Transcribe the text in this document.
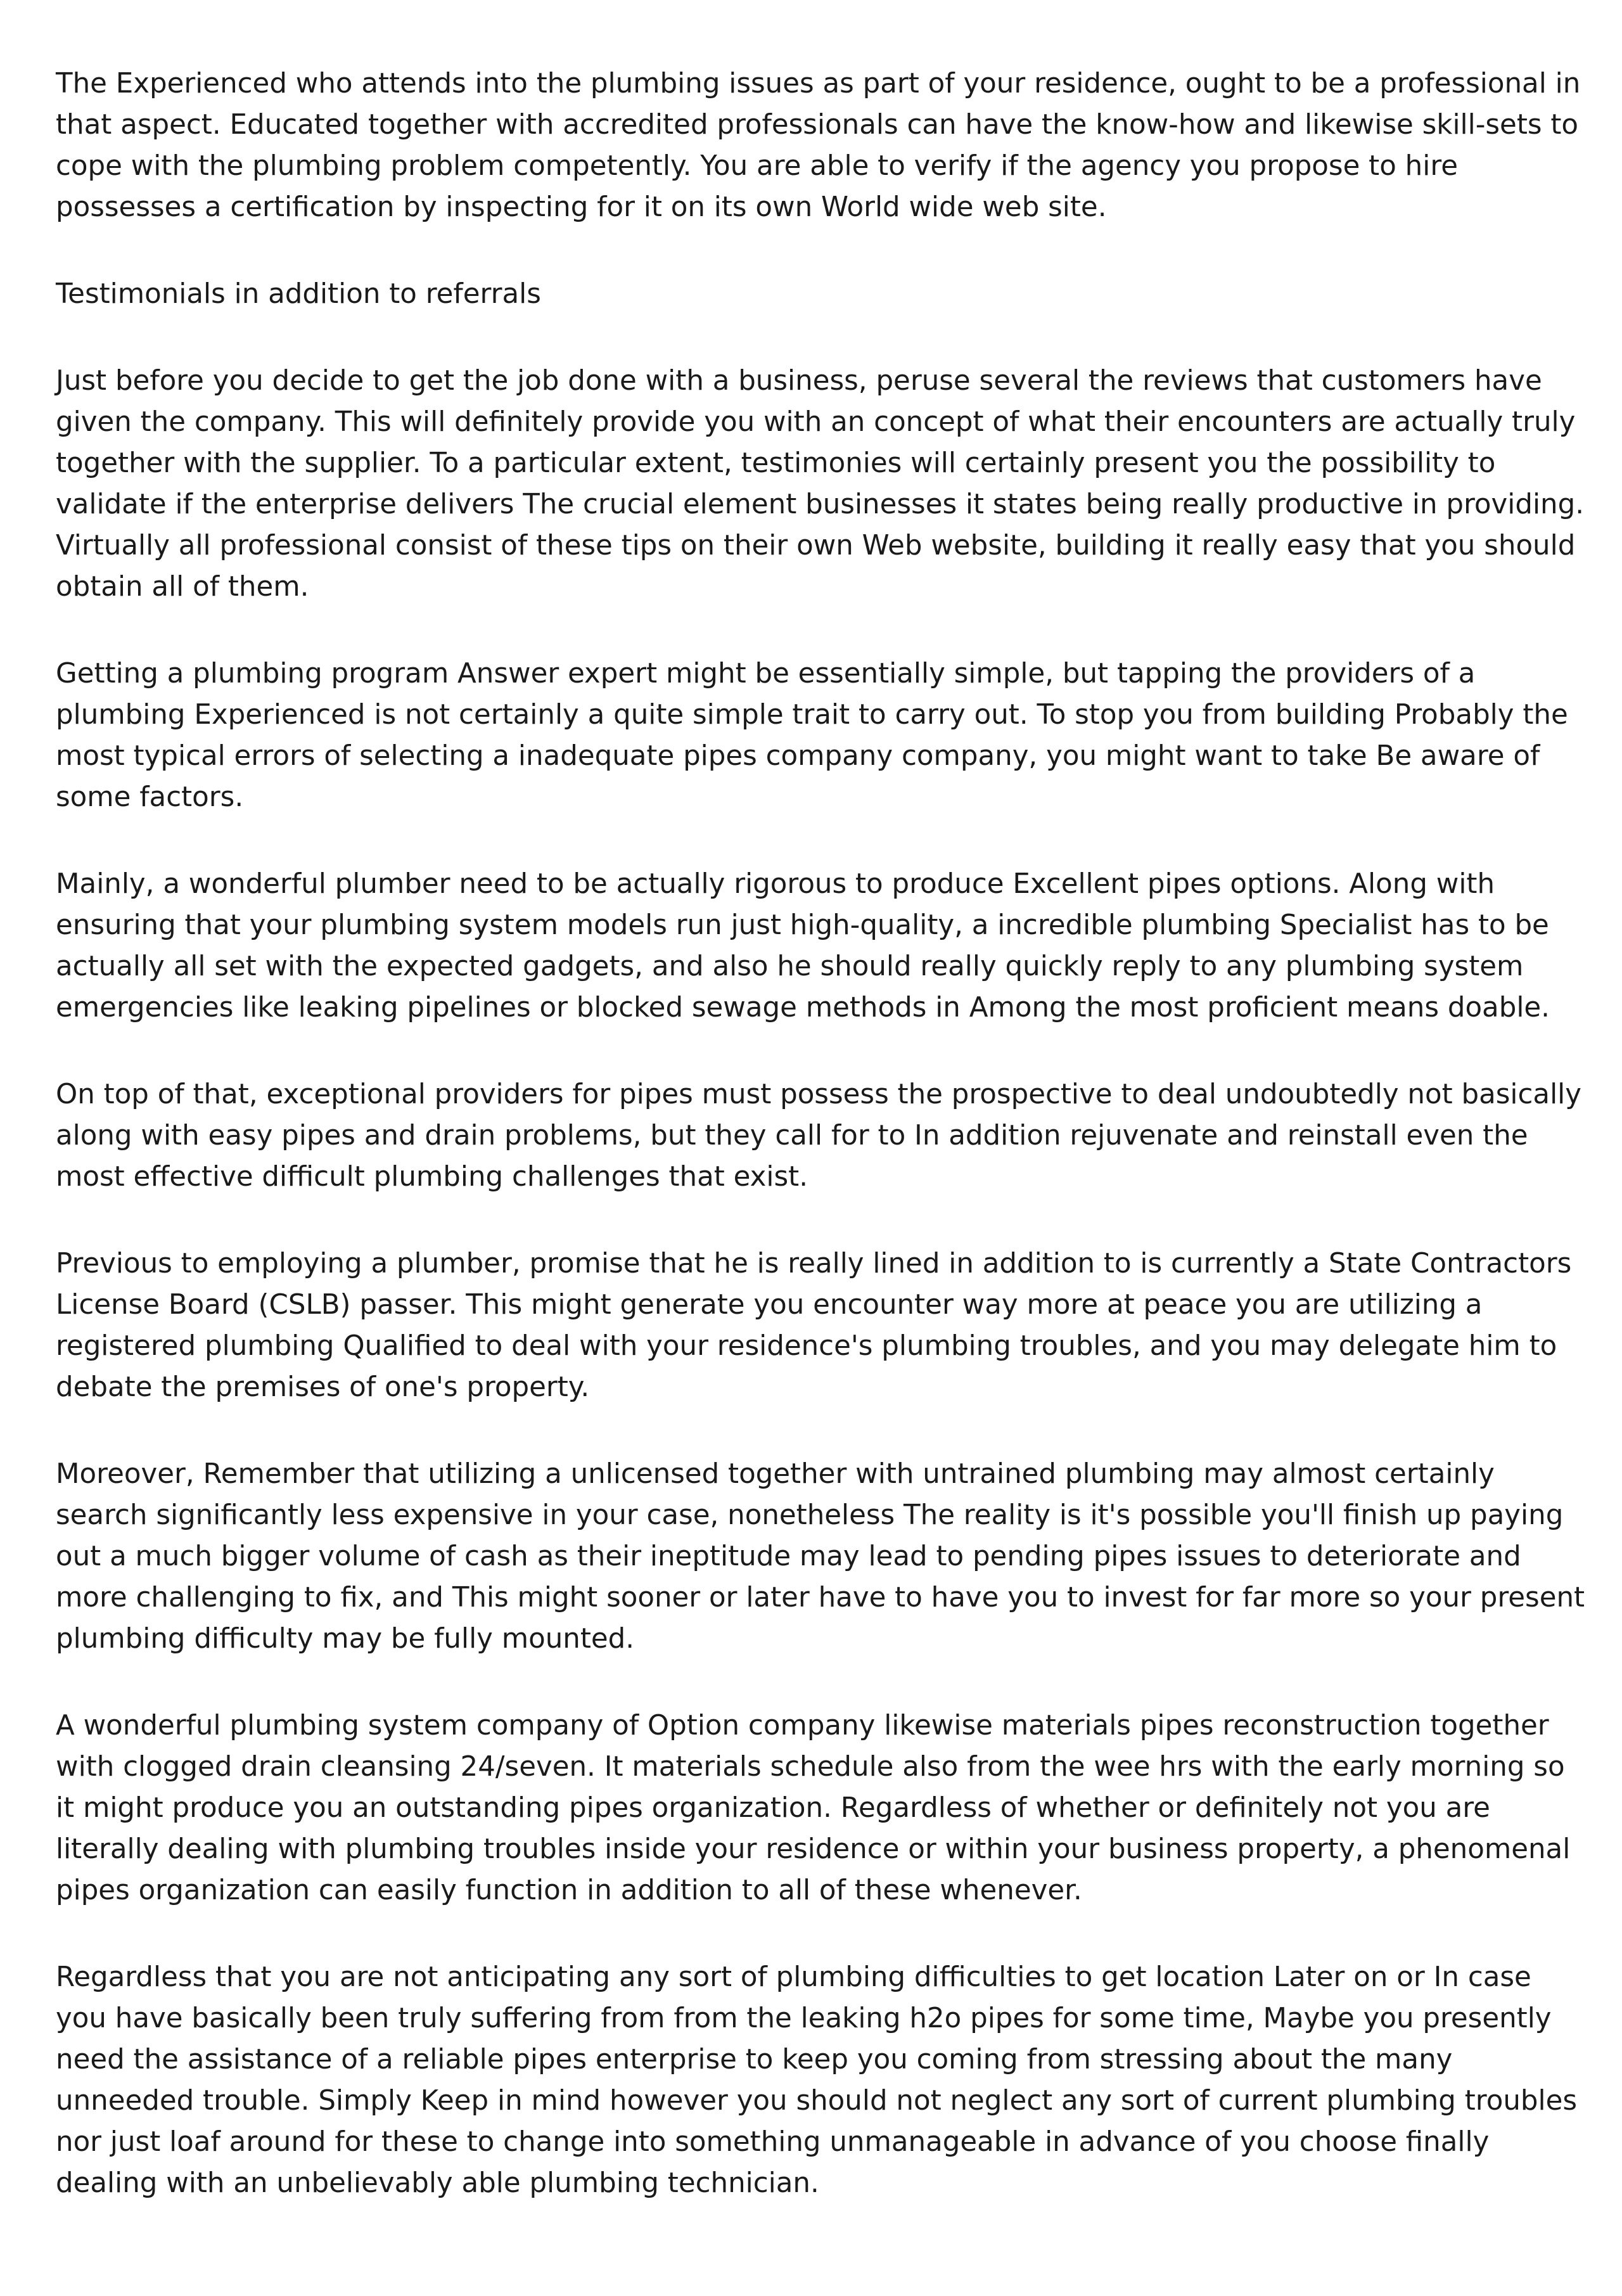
The Experienced who attends into the plumbing issues as part of your residence, ought to be a professional in that aspect. Educated together with accredited professionals can have the know-how and likewise skill-sets to cope with the plumbing problem competently. You are able to verify if the agency you propose to hire possesses a certification by inspecting for it on its own World wide web site.

Testimonials in addition to referrals

Just before you decide to get the job done with a business, peruse several the reviews that customers have given the company. This will definitely provide you with an concept of what their encounters are actually truly together with the supplier. To a particular extent, testimonies will certainly present you the possibility to validate if the enterprise delivers The crucial element businesses it states being really productive in providing. Virtually all professional consist of these tips on their own Web website, building it really easy that you should obtain all of them.

Getting a plumbing program Answer expert might be essentially simple, but tapping the providers of a plumbing Experienced is not certainly a quite simple trait to carry out. To stop you from building Probably the most typical errors of selecting a inadequate pipes company company, you might want to take Be aware of some factors.

Mainly, a wonderful plumber need to be actually rigorous to produce Excellent pipes options. Along with ensuring that your plumbing system models run just high-quality, a incredible plumbing Specialist has to be actually all set with the expected gadgets, and also he should really quickly reply to any plumbing system emergencies like leaking pipelines or blocked sewage methods in Among the most proficient means doable.

On top of that, exceptional providers for pipes must possess the prospective to deal undoubtedly not basically along with easy pipes and drain problems, but they call for to In addition rejuvenate and reinstall even the most effective difficult plumbing challenges that exist.

Previous to employing a plumber, promise that he is really lined in addition to is currently a State Contractors License Board (CSLB) passer. This might generate you encounter way more at peace you are utilizing a registered plumbing Qualified to deal with your residence's plumbing troubles, and you may delegate him to debate the premises of one's property.

Moreover, Remember that utilizing a unlicensed together with untrained plumbing may almost certainly search significantly less expensive in your case, nonetheless The reality is it's possible you'll finish up paying out a much bigger volume of cash as their ineptitude may lead to pending pipes issues to deteriorate and more challenging to fix, and This might sooner or later have to have you to invest for far more so your present plumbing difficulty may be fully mounted.

A wonderful plumbing system company of Option company likewise materials pipes reconstruction together with clogged drain cleansing 24/seven. It materials schedule also from the wee hrs with the early morning so it might produce you an outstanding pipes organization. Regardless of whether or definitely not you are literally dealing with plumbing troubles inside your residence or within your business property, a phenomenal pipes organization can easily function in addition to all of these whenever.

Regardless that you are not anticipating any sort of plumbing difficulties to get location Later on or In case you have basically been truly suffering from from the leaking h2o pipes for some time, Maybe you presently need the assistance of a reliable pipes enterprise to keep you coming from stressing about the many unneeded trouble. Simply Keep in mind however you should not neglect any sort of current plumbing troubles nor just loaf around for these to change into something unmanageable in advance of you choose finally dealing with an unbelievably able plumbing technician.
